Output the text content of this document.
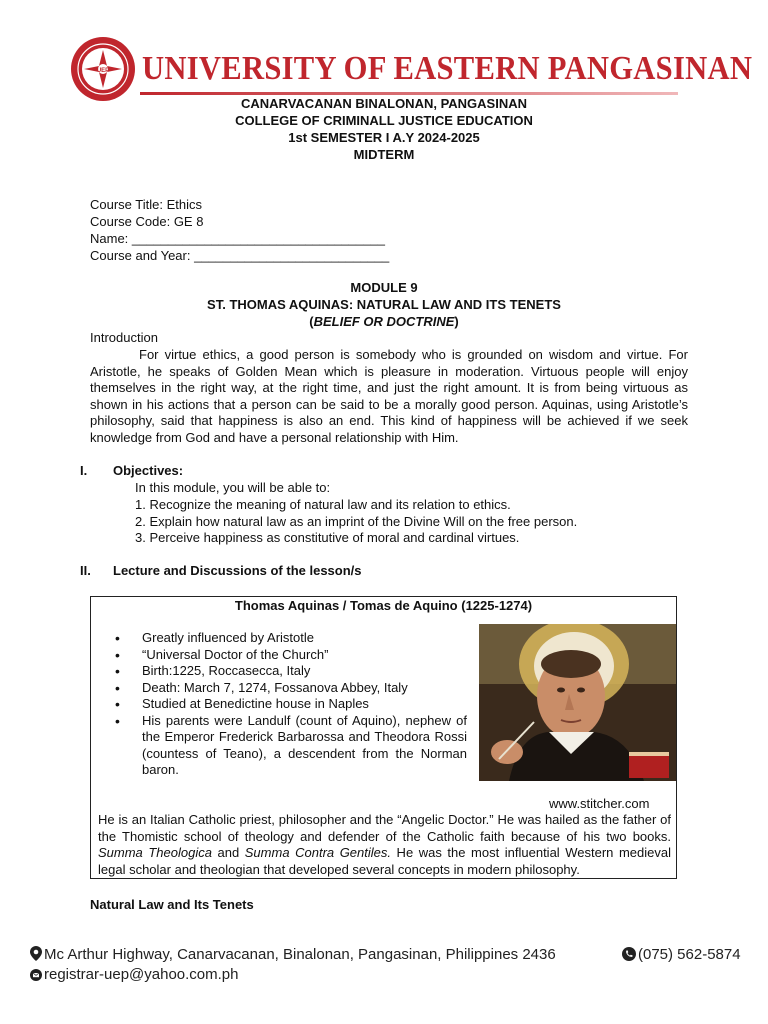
UEP UNIVERSITY OF EASTERN PANGASINAN
CANARVACANAN BINALONAN, PANGASINAN
COLLEGE OF CRIMINALL JUSTICE EDUCATION
1st SEMESTER I A.Y 2024-2025
MIDTERM
Course Title: Ethics
Course Code: GE 8
Name: ___________________________________
Course and Year: ___________________________
MODULE 9
ST. THOMAS AQUINAS: NATURAL LAW AND ITS TENETS
(BELIEF OR DOCTRINE)
Introduction
For virtue ethics, a good person is somebody who is grounded on wisdom and virtue. For Aristotle, he speaks of Golden Mean which is pleasure in moderation. Virtuous people will enjoy themselves in the right way, at the right time, and just the right amount. It is from being virtuous as shown in his actions that a person can be said to be a morally good person. Aquinas, using Aristotle’s philosophy, said that happiness is also an end. This kind of happiness will be achieved if we seek knowledge from God and have a personal relationship with Him.
I. Objectives:
In this module, you will be able to:
1. Recognize the meaning of natural law and its relation to ethics.
2. Explain how natural law as an imprint of the Divine Will on the free person.
3. Perceive happiness as constitutive of moral and cardinal virtues.
II. Lecture and Discussions of the lesson/s
Thomas Aquinas / Tomas de Aquino (1225-1274)
• Greatly influenced by Aristotle
• “Universal Doctor of the Church”
• Birth:1225, Roccasecca, Italy
• Death: March 7, 1274, Fossanova Abbey, Italy
• Studied at Benedictine house in Naples
• His parents were Landulf (count of Aquino), nephew of the Emperor Frederick Barbarossa and Theodora Rossi (countess of Teano), a descendent from the Norman baron.
www.stitcher.com
He is an Italian Catholic priest, philosopher and the “Angelic Doctor.” He was hailed as the father of the Thomistic school of theology and defender of the Catholic faith because of his two books. Summa Theologica and Summa Contra Gentiles. He was the most influential Western medieval legal scholar and theologian that developed several concepts in modern philosophy.
Natural Law and Its Tenets
Mc Arthur Highway, Canarvacanan, Binalonan, Pangasinan, Philippines 2436	(075) 562-5874
registrar-uep@yahoo.com.ph
